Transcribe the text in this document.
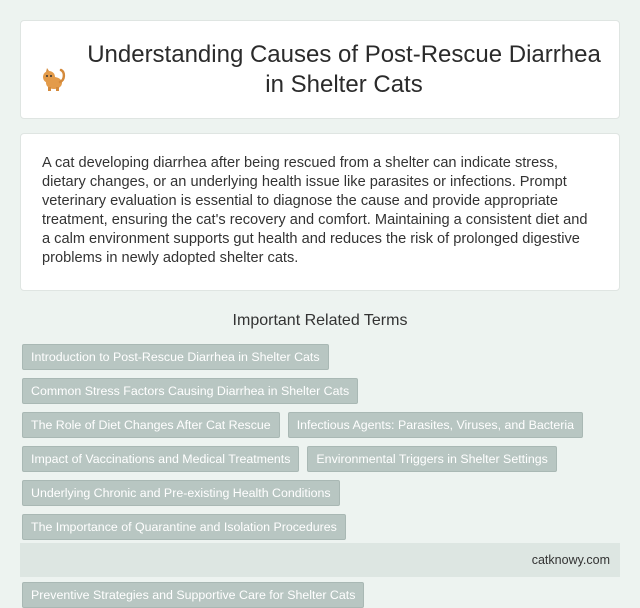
Understanding Causes of Post-Rescue Diarrhea in Shelter Cats

A cat developing diarrhea after being rescued from a shelter can indicate stress, dietary changes, or an underlying health issue like parasites or infections. Prompt veterinary evaluation is essential to diagnose the cause and provide appropriate treatment, ensuring the cat's recovery and comfort. Maintaining a consistent diet and a calm environment supports gut health and reduces the risk of prolonged digestive problems in newly adopted shelter cats.

Important Related Terms
Introduction to Post-Rescue Diarrhea in Shelter Cats
Common Stress Factors Causing Diarrhea in Shelter Cats
The Role of Diet Changes After Cat Rescue	Infectious Agents: Parasites, Viruses, and Bacteria
Impact of Vaccinations and Medical Treatments	Environmental Triggers in Shelter Settings
Underlying Chronic and Pre-existing Health Conditions
The Importance of Quarantine and Isolation Procedures
Preventive Strategies and Supportive Care for Shelter Cats
catknowy.com
